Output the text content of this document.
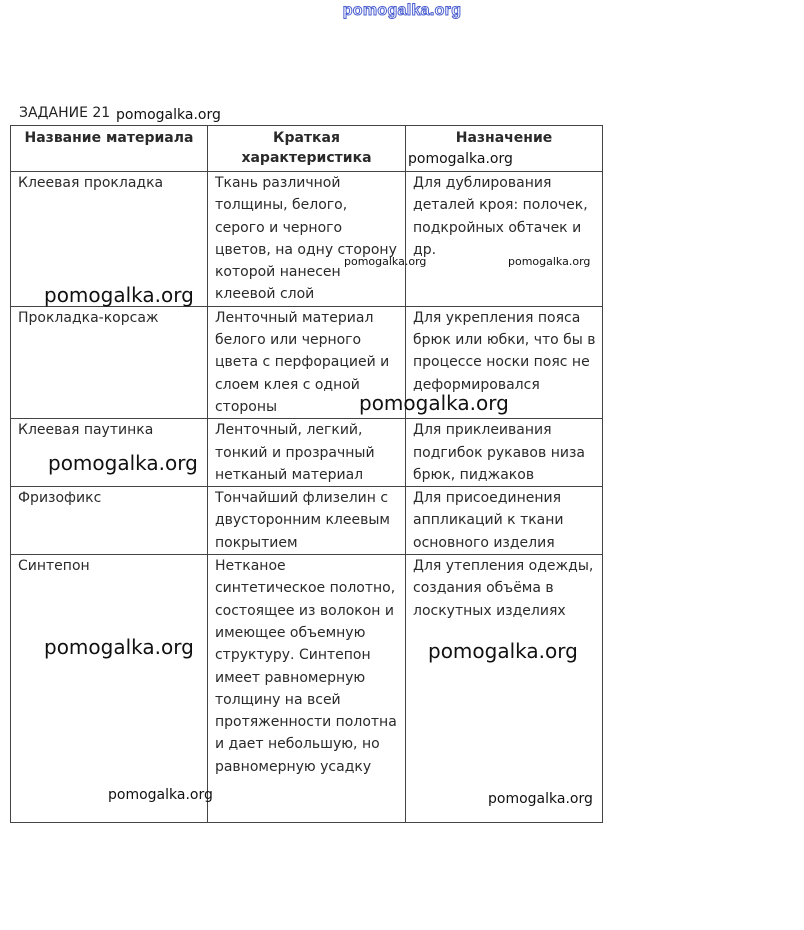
pomogalka.org
ЗАДАНИЕ 21
Название материала	Краткая характеристика	Назначение

Клеевая прокладка	Ткань различной толщины, белого, серого и черного цветов, на одну сторону которой нанесен клеевой слой	Для дублирования деталей кроя: полочек, подкройных обтачек и др.
Прокладка-корсаж	Ленточный материал белого или черного цвета с перфорацией и слоем клея с одной стороны	Для укрепления пояса брюк или юбки, что бы в процессе носки пояс не деформировался
Клеевая паутинка	Ленточный, легкий, тонкий и прозрачный нетканый материал	Для приклеивания подгибок рукавов низа брюк, пиджаков
Фризофикс	Тончайший флизелин с двусторонним клеевым покрытием	Для присоединения аппликаций к ткани основного изделия
Синтепон	Нетканое синтетическое полотно, состоящее из волокон и имеющее объемную структуру. Синтепон имеет равномерную толщину на всей протяженности полотна и дает небольшую, но равномерную усадку	Для утепления одежды, создания объёма в лоскутных изделиях
pomogalka.org
pomogalka.org
pomogalka.org	pomogalka.org
pomogalka.org
pomogalka.org
pomogalka.org
pomogalka.org	pomogalka.org
pomogalka.org	pomogalka.org
